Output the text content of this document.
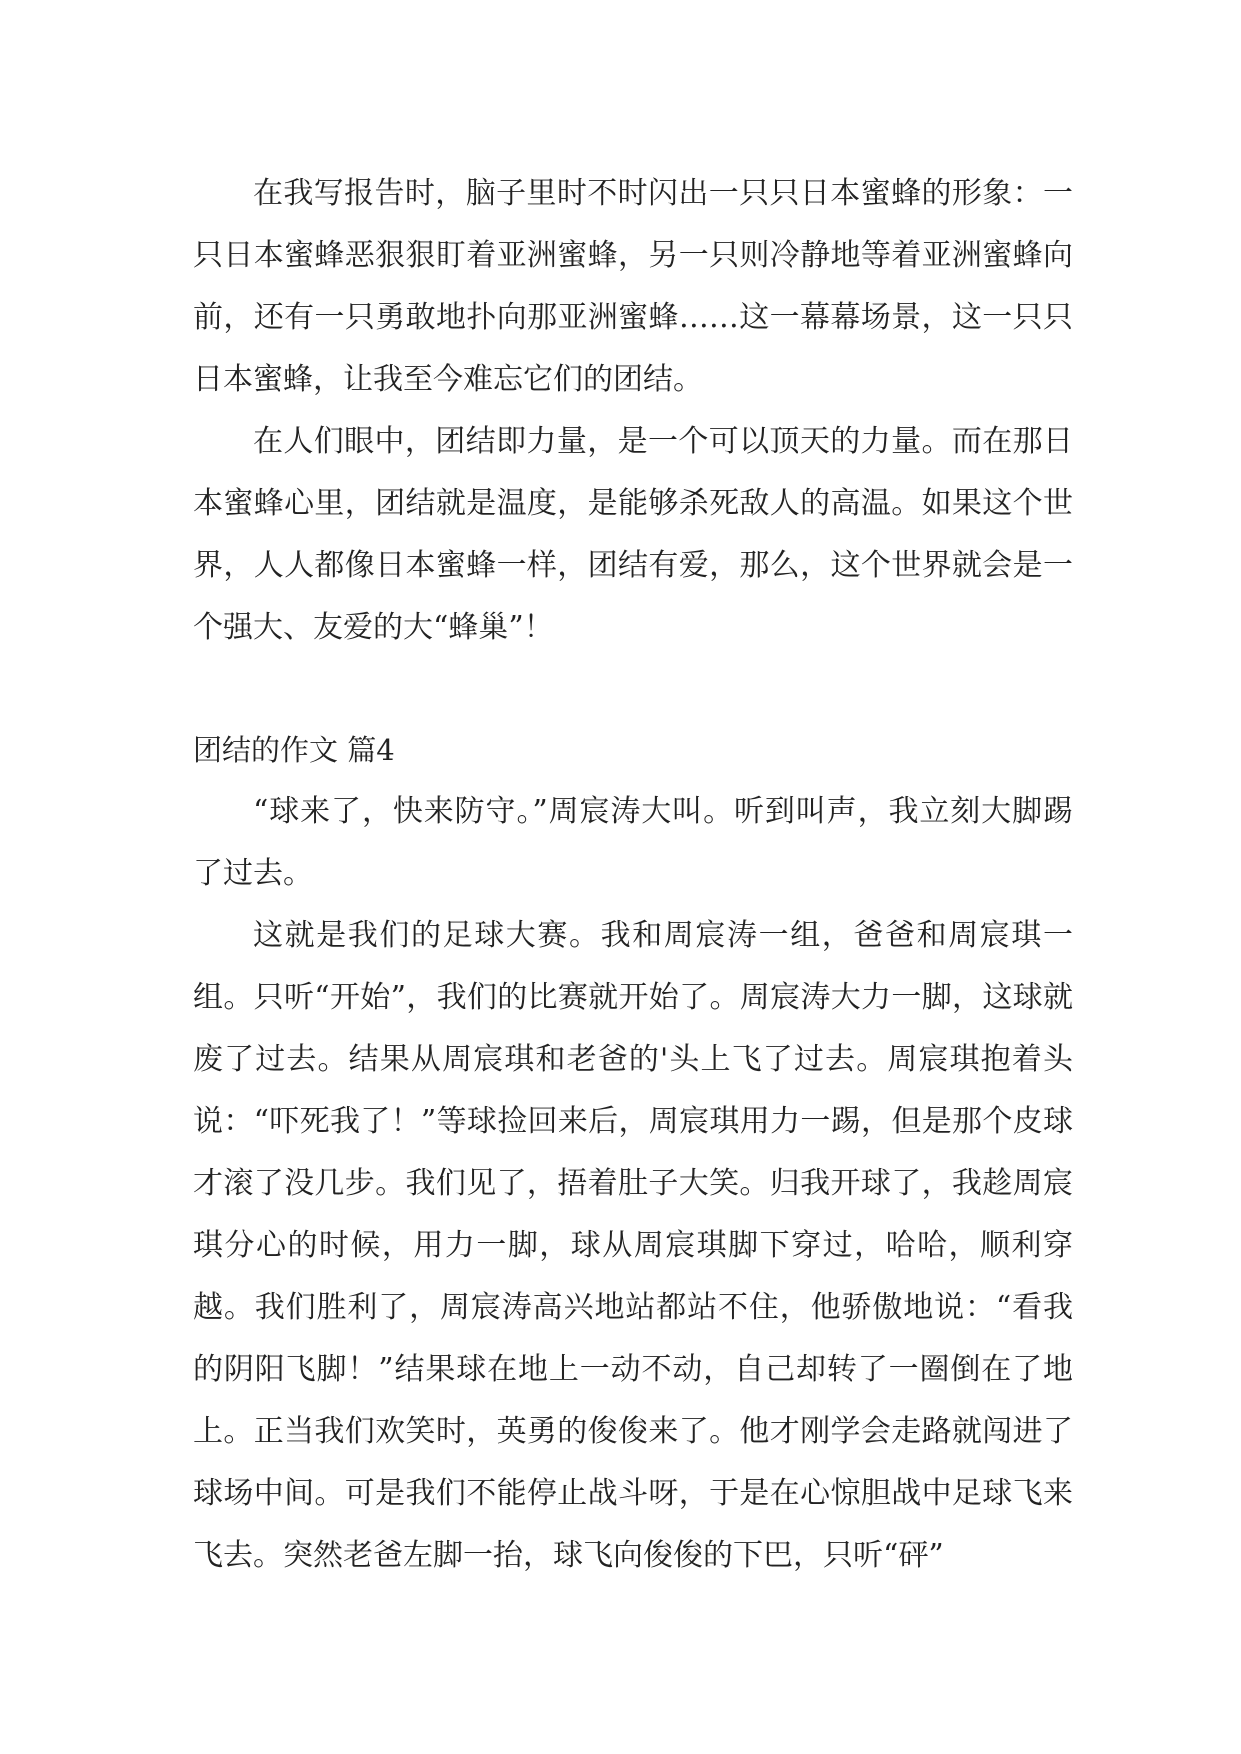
在我写报告时，脑子里时不时闪出一只只日本蜜蜂的形象：一只日本蜜蜂恶狠狠盯着亚洲蜜蜂，另一只则冷静地等着亚洲蜜蜂向前，还有一只勇敢地扑向那亚洲蜜蜂……这一幕幕场景，这一只只日本蜜蜂，让我至今难忘它们的团结。

在人们眼中，团结即力量，是一个可以顶天的力量。而在那日本蜜蜂心里，团结就是温度，是能够杀死敌人的高温。如果这个世界，人人都像日本蜜蜂一样，团结有爱，那么，这个世界就会是一个强大、友爱的大“蜂巢”！

团结的作文 篇4

“球来了，快来防守。”周宸涛大叫。听到叫声，我立刻大脚踢了过去。

这就是我们的足球大赛。我和周宸涛一组，爸爸和周宸琪一组。只听“开始”，我们的比赛就开始了。周宸涛大力一脚，这球就废了过去。结果从周宸琪和老爸的'头上飞了过去。周宸琪抱着头说：“吓死我了！”等球捡回来后，周宸琪用力一踢，但是那个皮球才滚了没几步。我们见了，捂着肚子大笑。归我开球了，我趁周宸琪分心的时候，用力一脚，球从周宸琪脚下穿过，哈哈，顺利穿越。我们胜利了，周宸涛高兴地站都站不住，他骄傲地说：“看我的阴阳飞脚！”结果球在地上一动不动，自己却转了一圈倒在了地上。正当我们欢笑时，英勇的俊俊来了。他才刚学会走路就闯进了球场中间。可是我们不能停止战斗呀，于是在心惊胆战中足球飞来飞去。突然老爸左脚一抬，球飞向俊俊的下巴，只听“砰”
